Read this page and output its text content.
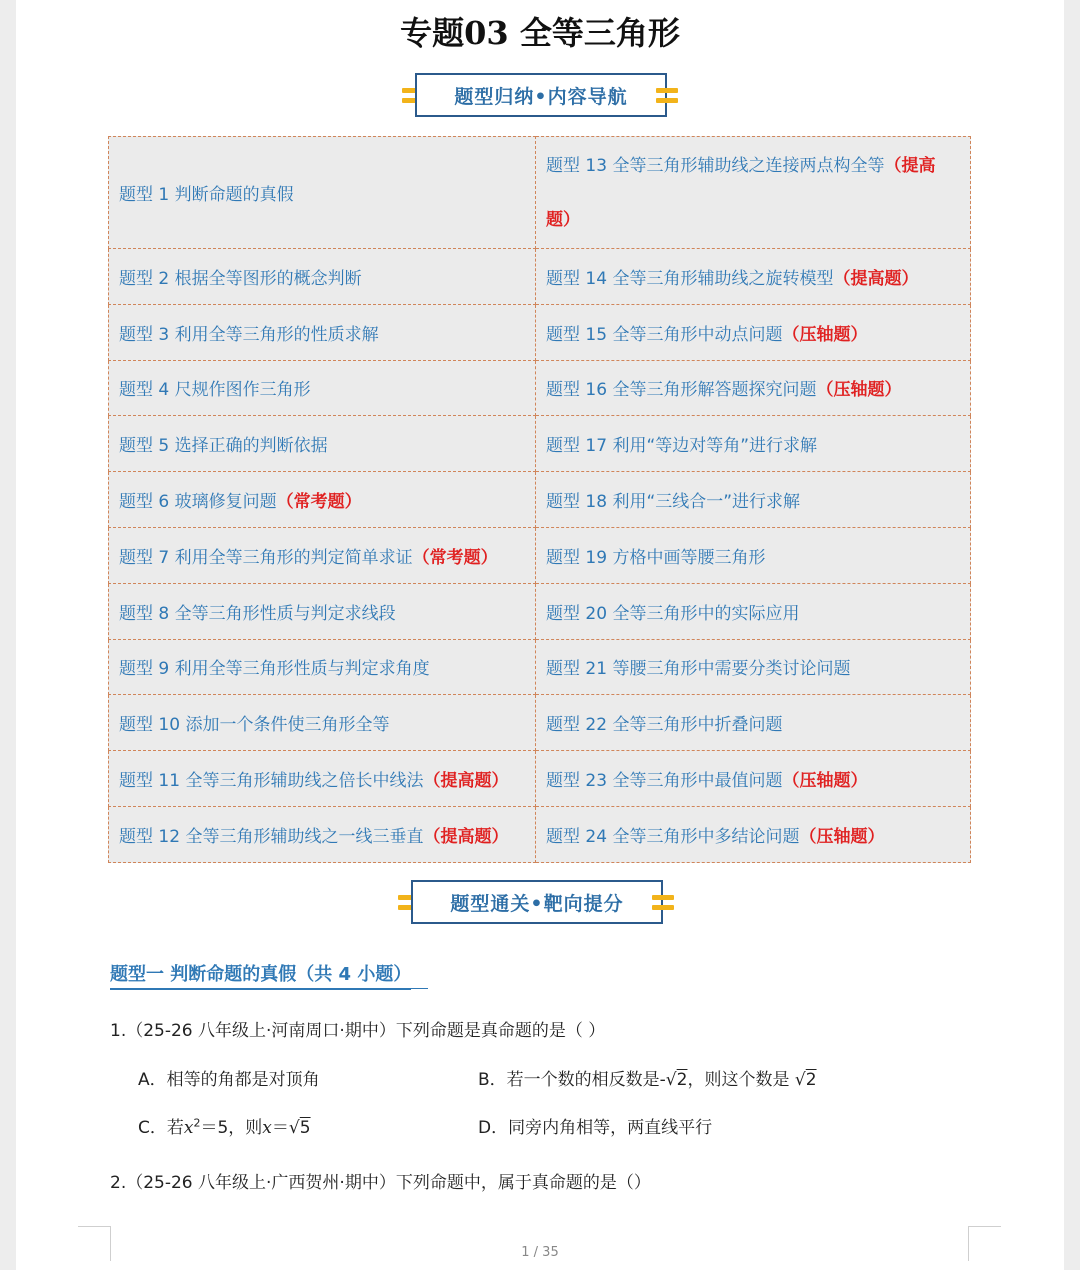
专题03 全等三角形
题型归纳•内容导航
题型 1 判断命题的真假	题型 13 全等三角形辅助线之连接两点构全等（提高题）
题型 2 根据全等图形的概念判断	题型 14 全等三角形辅助线之旋转模型（提高题）
题型 3 利用全等三角形的性质求解	题型 15 全等三角形中动点问题（压轴题）
题型 4 尺规作图作三角形	题型 16 全等三角形解答题探究问题（压轴题）
题型 5 选择正确的判断依据	题型 17 利用“等边对等角”进行求解
题型 6 玻璃修复问题（常考题）	题型 18 利用“三线合一”进行求解
题型 7 利用全等三角形的判定简单求证（常考题）	题型 19 方格中画等腰三角形
题型 8 全等三角形性质与判定求线段	题型 20 全等三角形中的实际应用
题型 9 利用全等三角形性质与判定求角度	题型 21 等腰三角形中需要分类讨论问题
题型 10 添加一个条件使三角形全等	题型 22 全等三角形中折叠问题
题型 11 全等三角形辅助线之倍长中线法（提高题）	题型 23 全等三角形中最值问题（压轴题）
题型 12 全等三角形辅助线之一线三垂直（提高题）	题型 24 全等三角形中多结论问题（压轴题）
题型通关•靶向提分
题型一 判断命题的真假（共 4 小题）
1.（25-26 八年级上·河南周口·期中）下列命题是真命题的是（ ）
A．相等的角都是对顶角	B．若一个数的相反数是-√2，则这个数是 √2
C．若$x^2=5$，则x＝√5	D．同旁内角相等，两直线平行
2.（25-26 八年级上·广西贺州·期中）下列命题中，属于真命题的是（）
1 / 35
